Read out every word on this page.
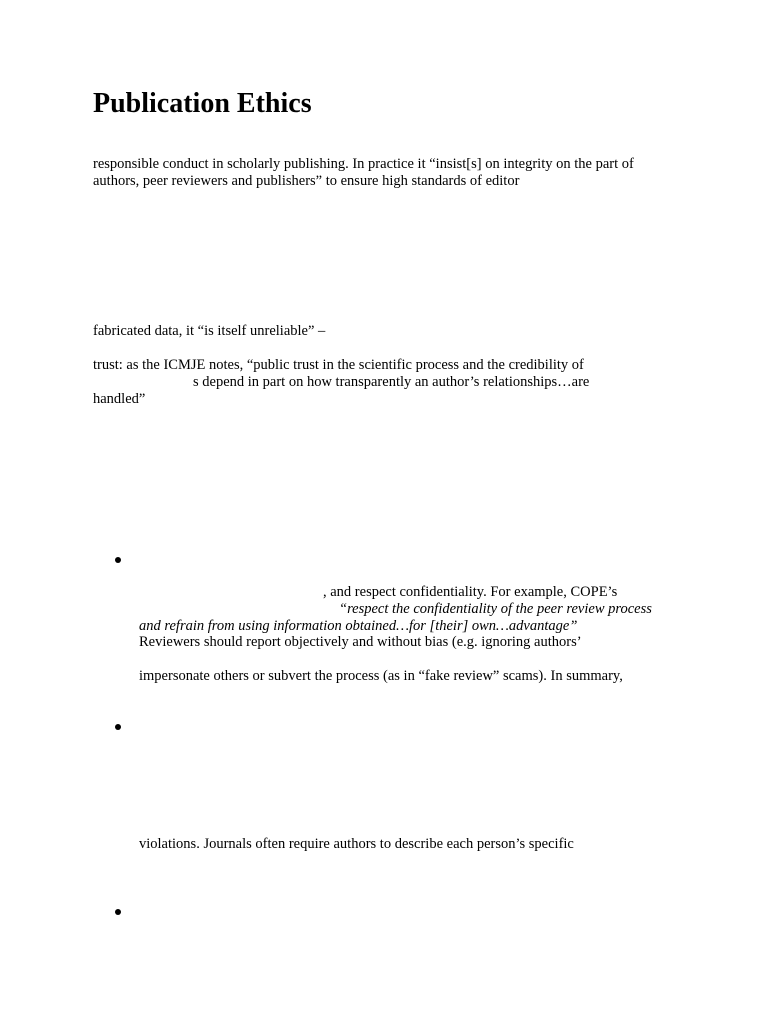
Publication Ethics

responsible conduct in scholarly publishing. In practice it “insist[s] on integrity on the part of

authors, peer reviewers and publishers” to ensure high standards of editor

fabricated data, it “is itself unreliable” –

trust: as the ICMJE notes, “public trust in the scientific process and the credibility of

s depend in part on how transparently an author’s relationships…are

handled”

, and respect confidentiality. For example, COPE’s

“respect the confidentiality of the peer review process

and refrain from using information obtained…for [their] own…advantage”

Reviewers should report objectively and without bias (e.g. ignoring authors’

impersonate others or subvert the process (as in “fake review” scams). In summary,

violations. Journals often require authors to describe each person’s specific
